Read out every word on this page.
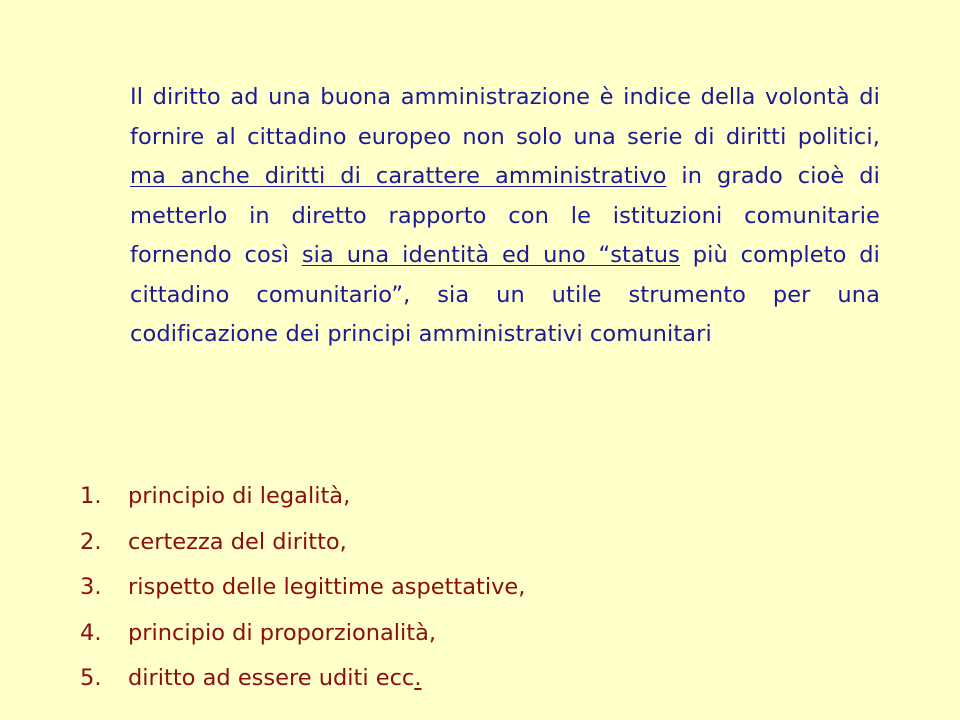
Il diritto ad una buona amministrazione è indice della volontà di fornire al cittadino europeo non solo una serie di diritti politici, ma anche diritti di carattere amministrativo in grado cioè di metterlo in diretto rapporto con le istituzioni comunitarie fornendo così sia una identità ed uno “status più completo di cittadino comunitario”, sia un utile strumento per una codificazione dei principi amministrativi comunitari

1.	principio di legalità,
2.	certezza del diritto,
3.	rispetto delle legittime aspettative,
4.	principio di proporzionalità,
5.	diritto ad essere uditi ecc .
